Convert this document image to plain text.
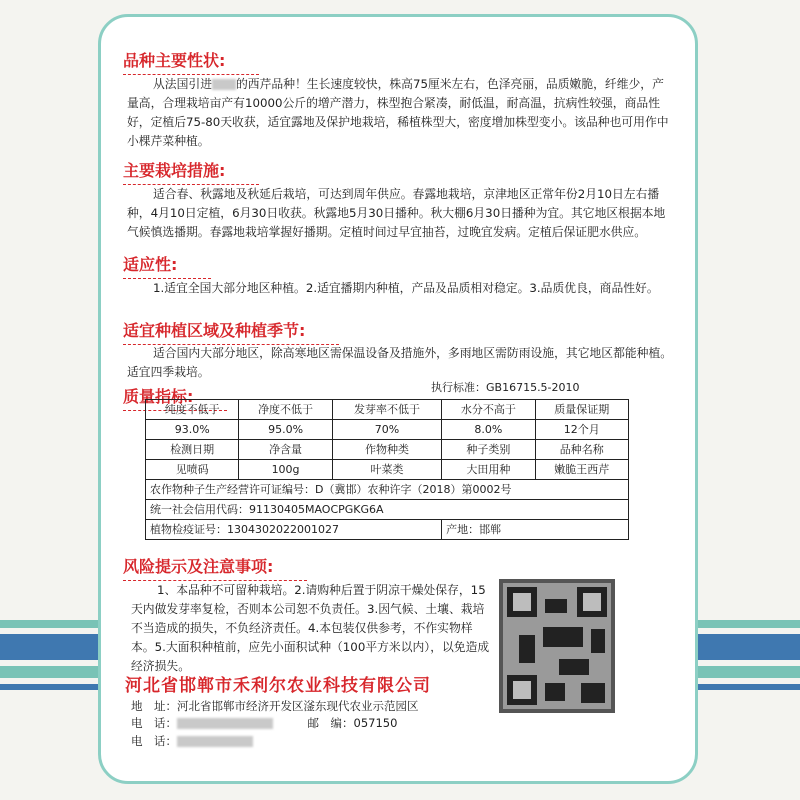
品种主要性状:
从法国引进 的西芹品种！生长速度较快，株高75厘米左右，色泽亮丽，品质嫩脆，纤维少，产量高，合理栽培亩产有10000公斤的增产潜力，株型抱合紧凑，耐低温，耐高温，抗病性较强，商品性好，定植后75-80天收获，适宜露地及保护地栽培，稀植株型大，密度增加株型变小。该品种也可用作中小棵芹菜种植。
主要栽培措施:
适合春、秋露地及秋延后栽培，可达到周年供应。春露地栽培，京津地区正常年份2月10日左右播种，4月10日定植，6月30日收获。秋露地5月30日播种。秋大棚6月30日播种为宜。其它地区根据本地气候慎选播期。春露地栽培掌握好播期。定植时间过早宜抽苔，过晚宜发病。定植后保证肥水供应。
适应性:
1.适宜全国大部分地区种植。2.适宜播期内种植，产品及品质相对稳定。3.品质优良，商品性好。
适宜种植区域及种植季节:
适合国内大部分地区，除高寒地区需保温设备及措施外，多雨地区需防雨设施，其它地区都能种植。适宜四季栽培。
质量指标:	执行标准：GB16715.5-2010
纯度不低于	净度不低于	发芽率不低于	水分不高于	质量保证期
93.0%	95.0%	70%	8.0%	12个月
检测日期	净含量	作物种类	种子类别	品种名称
见喷码	100g	叶菜类	大田用种	嫩脆王西芹
农作物种子生产经营许可证编号：D（冀邯）农种许字（2018）第0002号				
统一社会信用代码：91130405MAOCPGKG6A				
植物检疫证号：1304302022001027			产地：邯郸	
风险提示及注意事项:
1、本品种不可留种栽培。2.请购种后置于阴凉干燥处保存，15天内做发芽率复检，否则本公司恕不负责任。3.因气候、土壤、栽培不当造成的损失，不负经济责任。4.本包装仅供参考，不作实物样本。5.大面积种植前，应先小面积试种（100平方米以内），以免造成经济损失。
河北省邯郸市禾利尔农业科技有限公司
地　址：河北省邯郸市经济开发区滏东现代农业示范园区
电　话：　　　	邮　编：057150
电　话：
